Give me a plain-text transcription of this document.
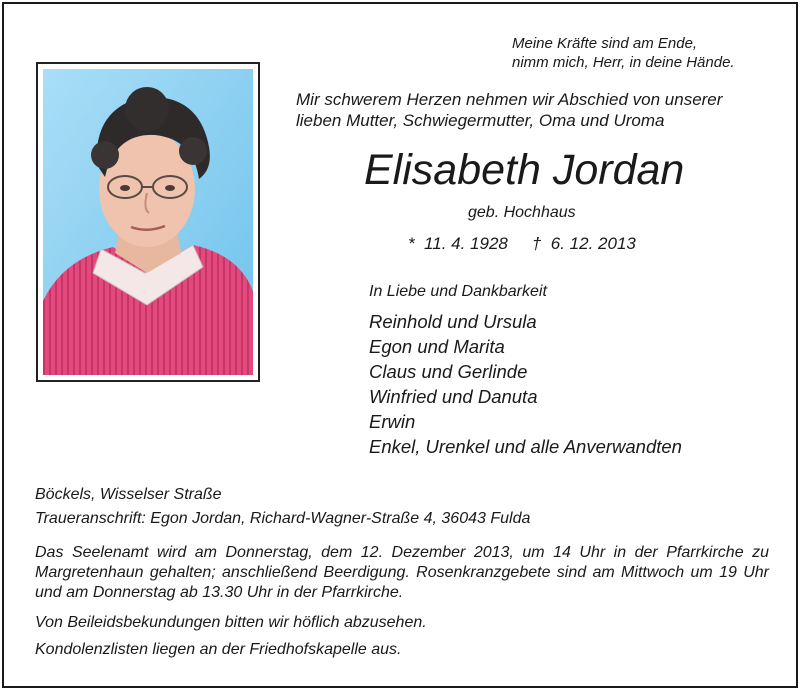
Meine Kräfte sind am Ende,
nimm mich, Herr, in deine Hände.
Mir schwerem Herzen nehmen wir Abschied von unserer
lieben Mutter, Schwiegermutter, Oma und Uroma
Elisabeth Jordan
geb. Hochhaus
*  11. 4. 1928 †  6. 12. 2013
In Liebe und Dankbarkeit
Reinhold und Ursula
Egon und Marita
Claus und Gerlinde
Winfried und Danuta
Erwin
Enkel, Urenkel und alle Anverwandten
Böckels, Wisselser Straße
Traueranschrift: Egon Jordan, Richard-Wagner-Straße 4, 36043 Fulda
Das Seelenamt wird am Donnerstag, dem 12. Dezember 2013, um 14 Uhr in der Pfarrkirche zu Margretenhaun gehalten; anschließend Beerdigung. Rosenkranzgebete sind am Mittwoch um 19 Uhr und am Donnerstag ab 13.30 Uhr in der Pfarrkirche.
Von Beileidsbekundungen bitten wir höflich abzusehen.
Kondolenzlisten liegen an der Friedhofskapelle aus.
